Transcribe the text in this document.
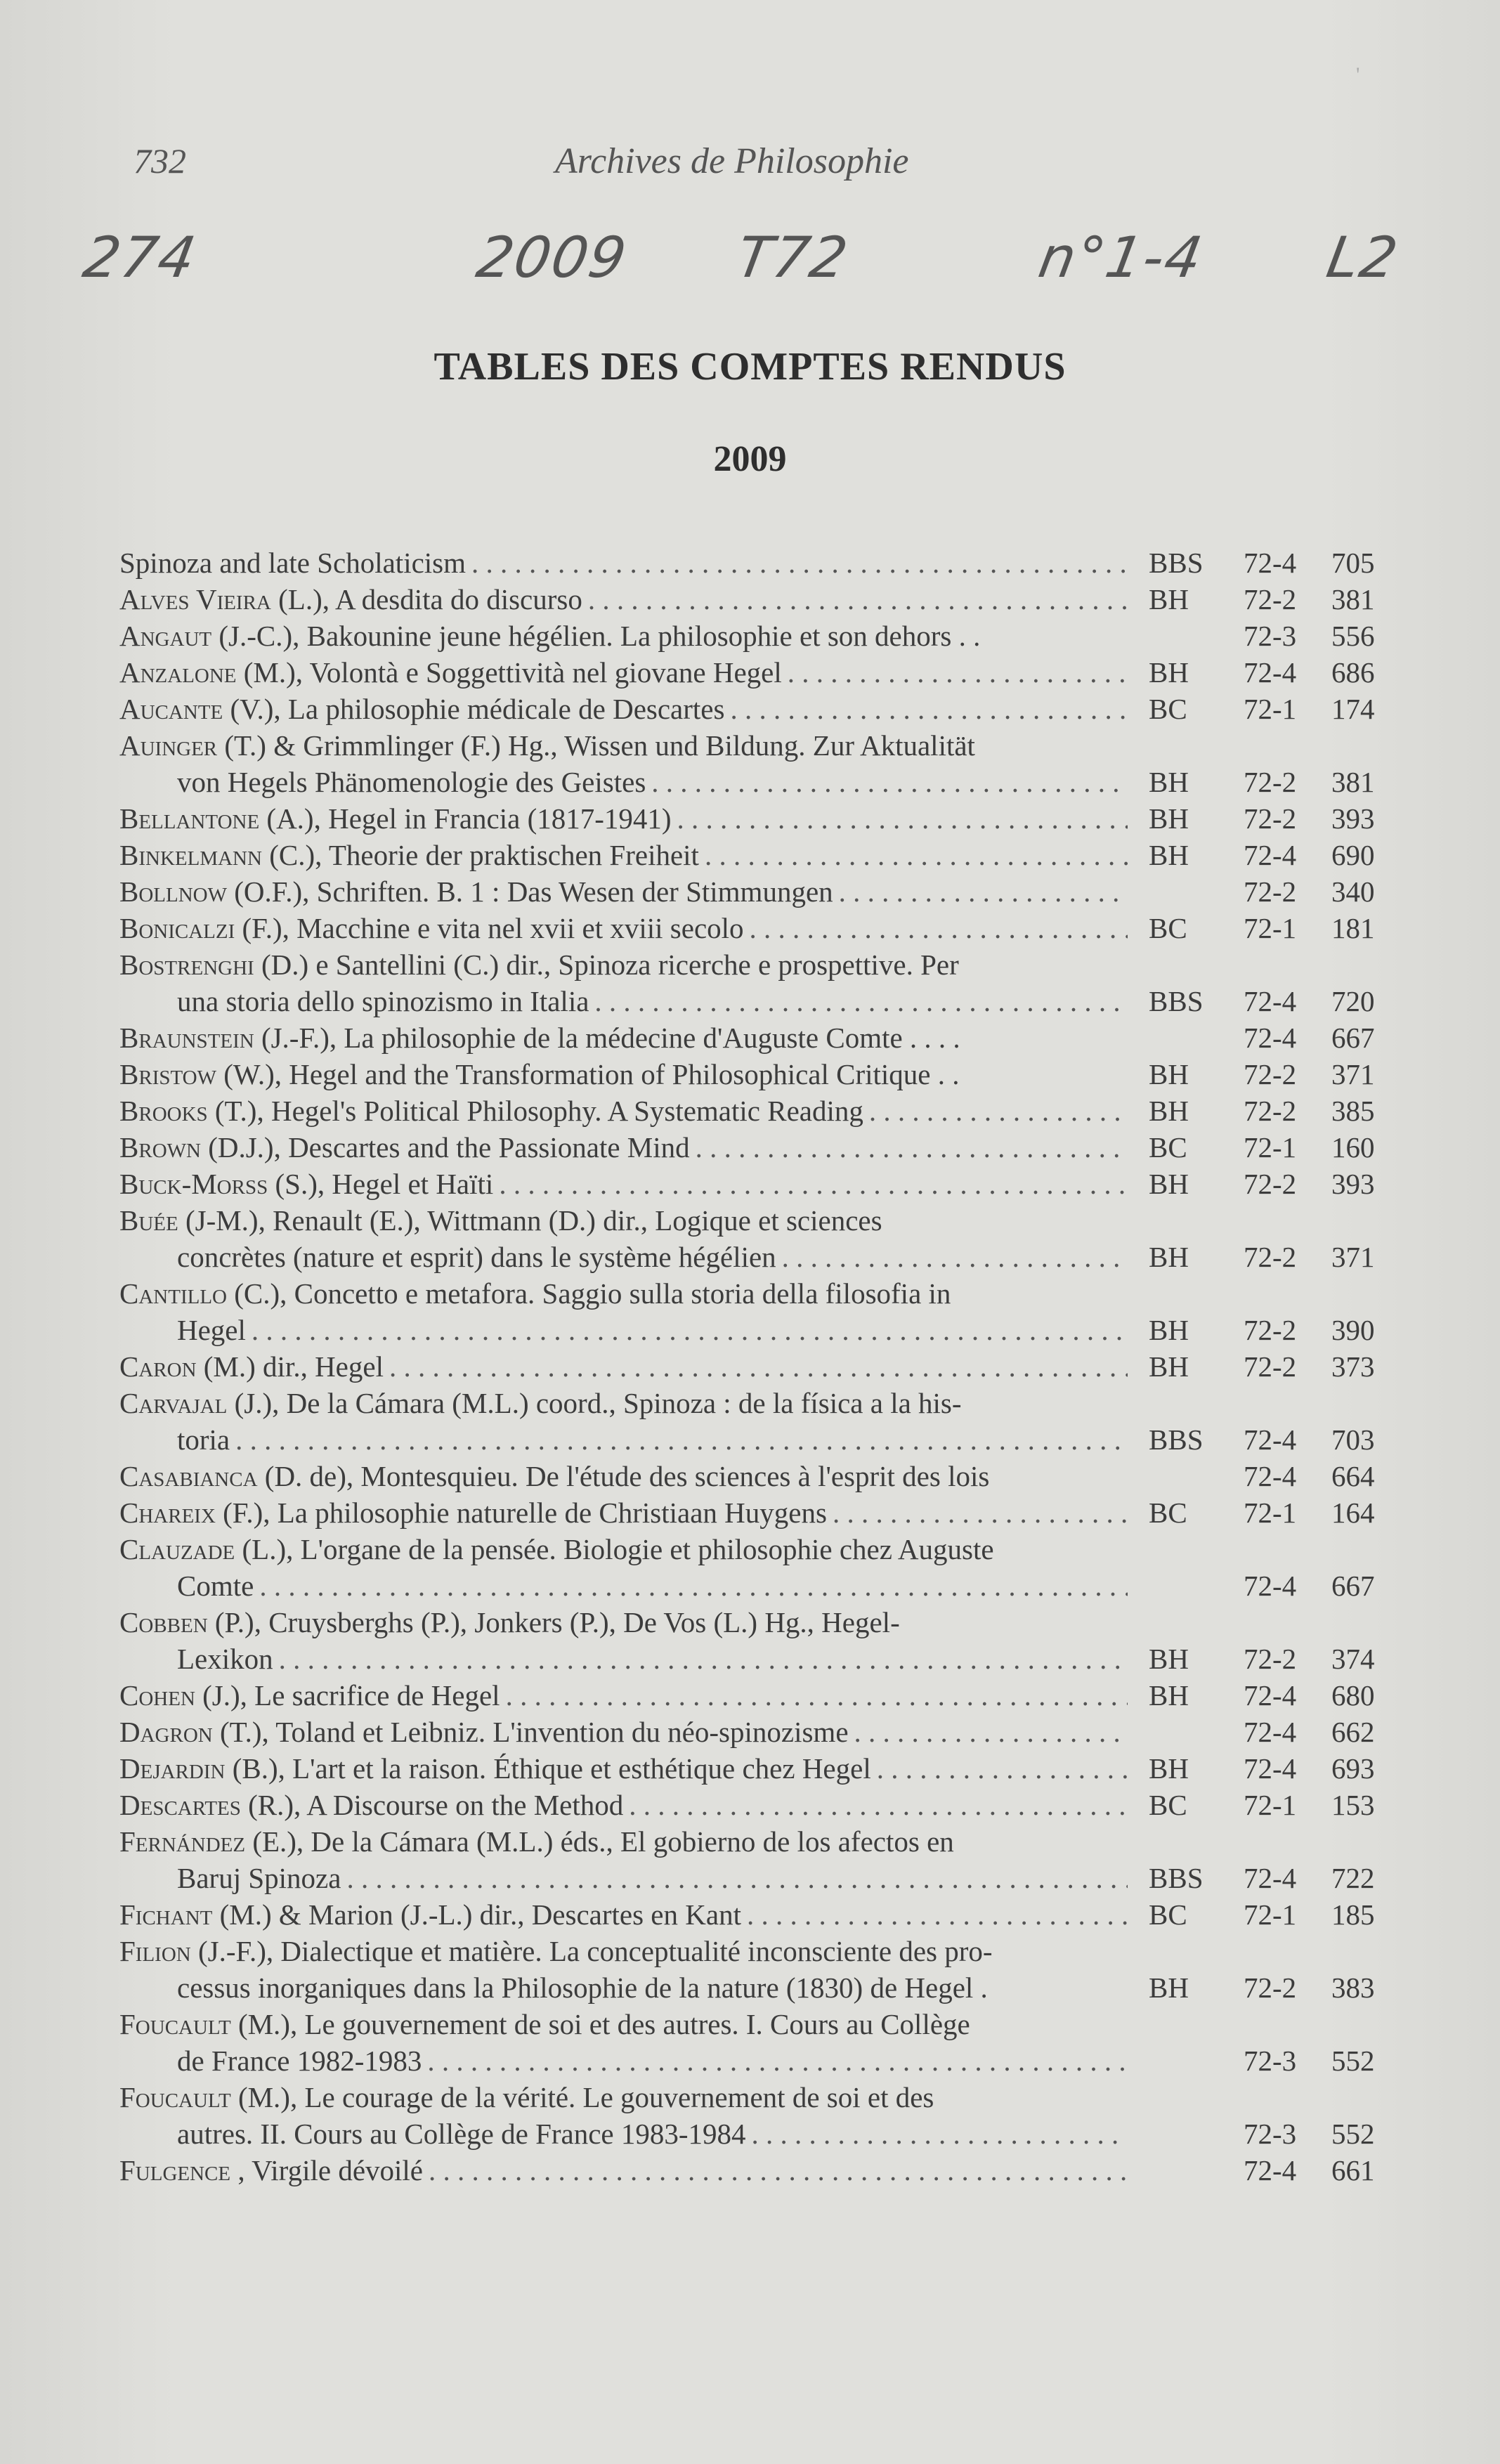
'
732	Archives de Philosophie
274	2009 T72	n°1-4 L2
TABLES DES COMPTES RENDUS
2009
Spinoza and late Scholaticism . . .	BBS	72-4	705
Alves Vieira (L.), A desdita do discurso . . .	BH	72-2	381
Angaut (J.-C.), Bakounine jeune hégélien. La philosophie et son dehors . .	72-3	556
Anzalone (M.), Volontà e Soggettività nel giovane Hegel . . .	BH	72-4	686
Aucante (V.), La philosophie médicale de Descartes . . .	BC	72-1	174
Auinger (T.) & Grimmlinger (F.) Hg., Wissen und Bildung. Zur Aktualität
von Hegels Phänomenologie des Geistes . . .	BH	72-2	381
Bellantone (A.), Hegel in Francia (1817-1941) . . .	BH	72-2	393
Binkelmann (C.), Theorie der praktischen Freiheit . . .	BH	72-4	690
Bollnow (O.F.), Schriften. B. 1 : Das Wesen der Stimmungen . . .	72-2	340
Bonicalzi (F.), Macchine e vita nel xvii et xviii secolo . . .	BC	72-1	181
Bostrenghi (D.) e Santellini (C.) dir., Spinoza ricerche e prospettive. Per
una storia dello spinozismo in Italia . . .	BBS	72-4	720
Braunstein (J.-F.), La philosophie de la médecine d'Auguste Comte . . . .	72-4	667
Bristow (W.), Hegel and the Transformation of Philosophical Critique . .	BH	72-2	371
Brooks (T.), Hegel's Political Philosophy. A Systematic Reading . . .	BH	72-2	385
Brown (D.J.), Descartes and the Passionate Mind . . .	BC	72-1	160
Buck-Morss (S.), Hegel et Haïti . . .	BH	72-2	393
Buée (J-M.), Renault (E.), Wittmann (D.) dir., Logique et sciences
concrètes (nature et esprit) dans le système hégélien . . .	BH	72-2	371
Cantillo (C.), Concetto e metafora. Saggio sulla storia della filosofia in
Hegel . . .	BH	72-2	390
Caron (M.) dir., Hegel . . .	BH	72-2	373
Carvajal (J.), De la Cámara (M.L.) coord., Spinoza : de la física a la his-
toria . . .	BBS	72-4	703
Casabianca (D. de), Montesquieu. De l'étude des sciences à l'esprit des lois	72-4	664
Chareix (F.), La philosophie naturelle de Christiaan Huygens . . .	BC	72-1	164
Clauzade (L.), L'organe de la pensée. Biologie et philosophie chez Auguste
Comte . . .	72-4	667
Cobben (P.), Cruysberghs (P.), Jonkers (P.), De Vos (L.) Hg., Hegel-
Lexikon . . .	BH	72-2	374
Cohen (J.), Le sacrifice de Hegel . . .	BH	72-4	680
Dagron (T.), Toland et Leibniz. L'invention du néo-spinozisme . . .	72-4	662
Dejardin (B.), L'art et la raison. Éthique et esthétique chez Hegel . . .	BH	72-4	693
Descartes (R.), A Discourse on the Method . . .	BC	72-1	153
Fernández (E.), De la Cámara (M.L.) éds., El gobierno de los afectos en
Baruj Spinoza . . .	BBS	72-4	722
Fichant (M.) & Marion (J.-L.) dir., Descartes en Kant . . .	BC	72-1	185
Filion (J.-F.), Dialectique et matière. La conceptualité inconsciente des pro-
cessus inorganiques dans la Philosophie de la nature (1830) de Hegel .	BH	72-2	383
Foucault (M.), Le gouvernement de soi et des autres. I. Cours au Collège
de France 1982-1983 . . .	72-3	552
Foucault (M.), Le courage de la vérité. Le gouvernement de soi et des
autres. II. Cours au Collège de France 1983-1984 . . .	72-3	552
Fulgence , Virgile dévoilé . . .	72-4	661
